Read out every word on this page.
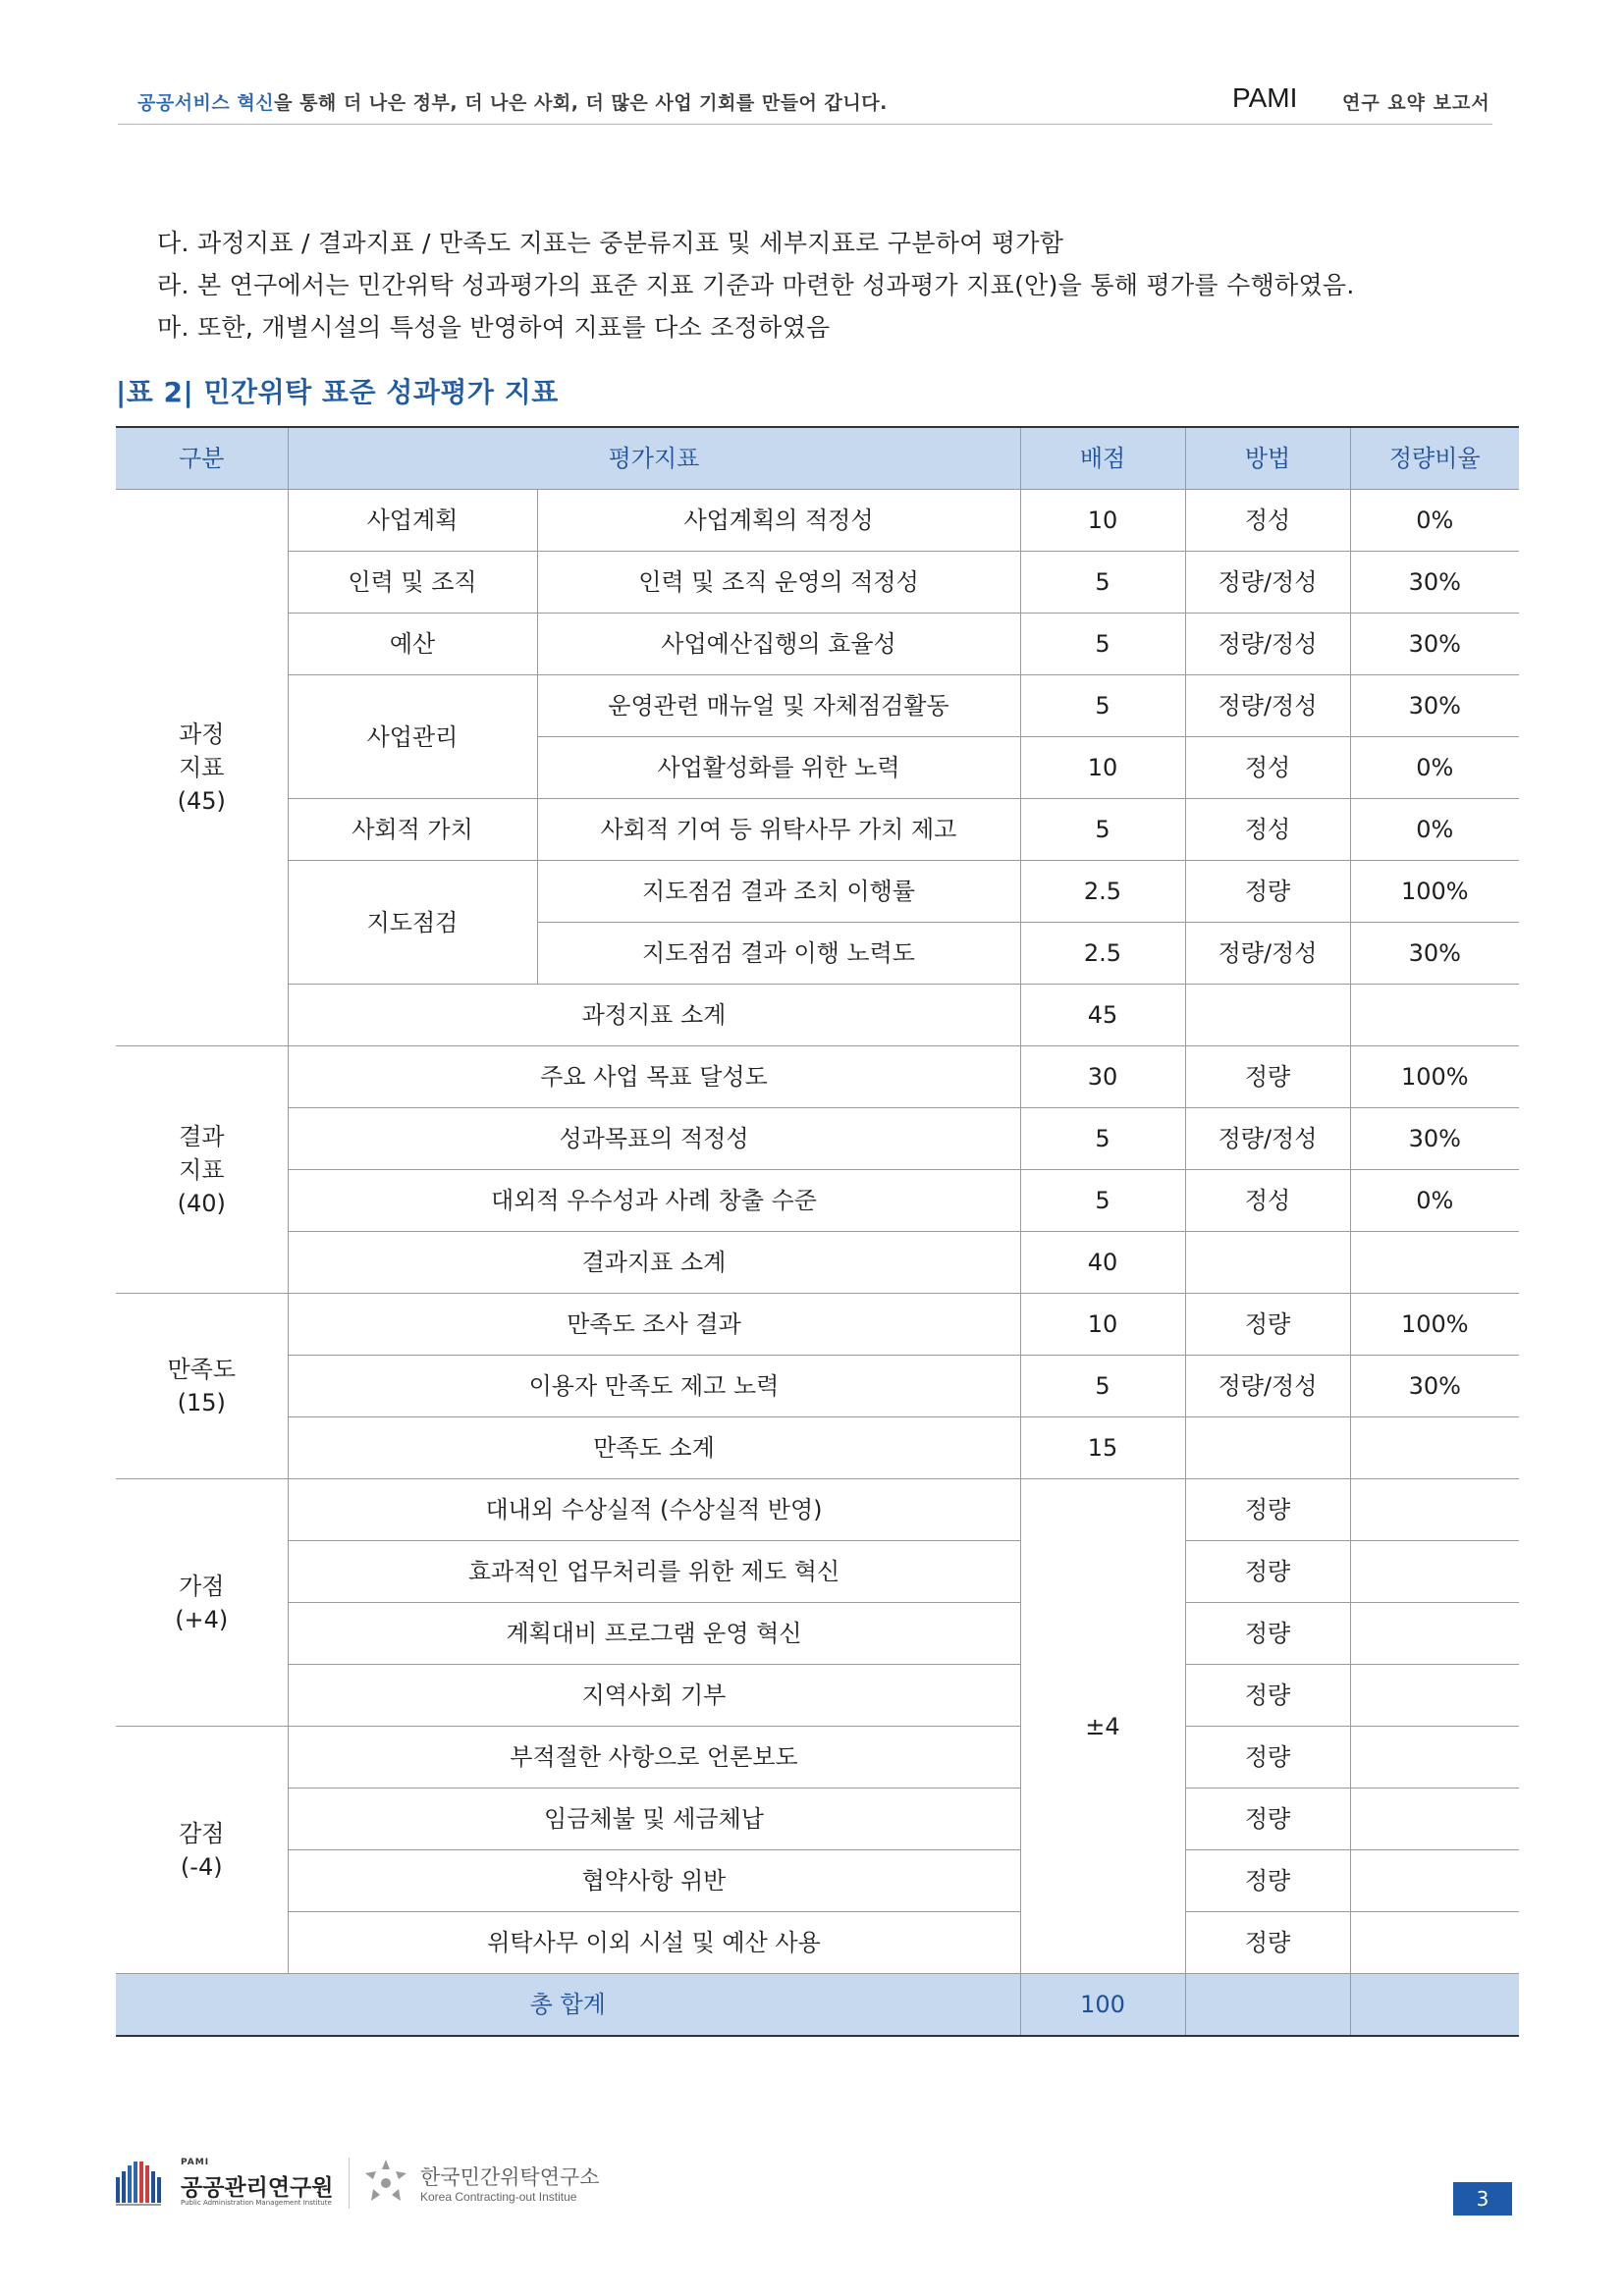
공공서비스 혁신을 통해 더 나은 정부, 더 나은 사회, 더 많은 사업 기회를 만들어 갑니다.	PAMI 연구 요약 보고서

다. 과정지표 / 결과지표 / 만족도 지표는 중분류지표 및 세부지표로 구분하여 평가함

라. 본 연구에서는 민간위탁 성과평가의 표준 지표 기준과 마련한 성과평가 지표(안)을 통해 평가를 수행하였음.

마. 또한, 개별시설의 특성을 반영하여 지표를 다소 조정하였음

|표 2| 민간위탁 표준 성과평가 지표
구분	평가지표		배점	방법	정량비율

과정
지표
(45)	사업계획	사업계획의 적정성	10	정성	0%
	인력 및 조직	인력 및 조직 운영의 적정성	5	정량/정성	30%
	예산	사업예산집행의 효율성	5	정량/정성	30%
	사업관리	운영관련 매뉴얼 및 자체점검활동	5	정량/정성	30%
		사업활성화를 위한 노력	10	정성	0%
	사회적 가치	사회적 기여 등 위탁사무 가치 제고	5	정성	0%
	지도점검	지도점검 결과 조치 이행률	2.5	정량	100%
		지도점검 결과 이행 노력도	2.5	정량/정성	30%
	과정지표 소계		45		

결과
지표
(40)	주요 사업 목표 달성도		30	정량	100%
	성과목표의 적정성		5	정량/정성	30%
	대외적 우수성과 사례 창출 수준		5	정성	0%
	결과지표 소계		40		

만족도
(15)	만족도 조사 결과		10	정량	100%
	이용자 만족도 제고 노력		5	정량/정성	30%
	만족도 소계		15		

가점
(+4)	대내외 수상실적 (수상실적 반영)		±4	정량	
	효과적인 업무처리를 위한 제도 혁신			정량	
	계획대비 프로그램 운영 혁신			정량	
	지역사회 기부			정량	

감점
(-4)	부적절한 사항으로 언론보도			정량	
	임금체불 및 세금체납			정량	
	협약사항 위반			정량	
	위탁사무 이외 시설 및 예산 사용			정량	
총 합계			100		
PAMI
공공관리연구원
Public Administration Management Institute
한국민간위탁연구소
Korea Contracting-out Institue	3
